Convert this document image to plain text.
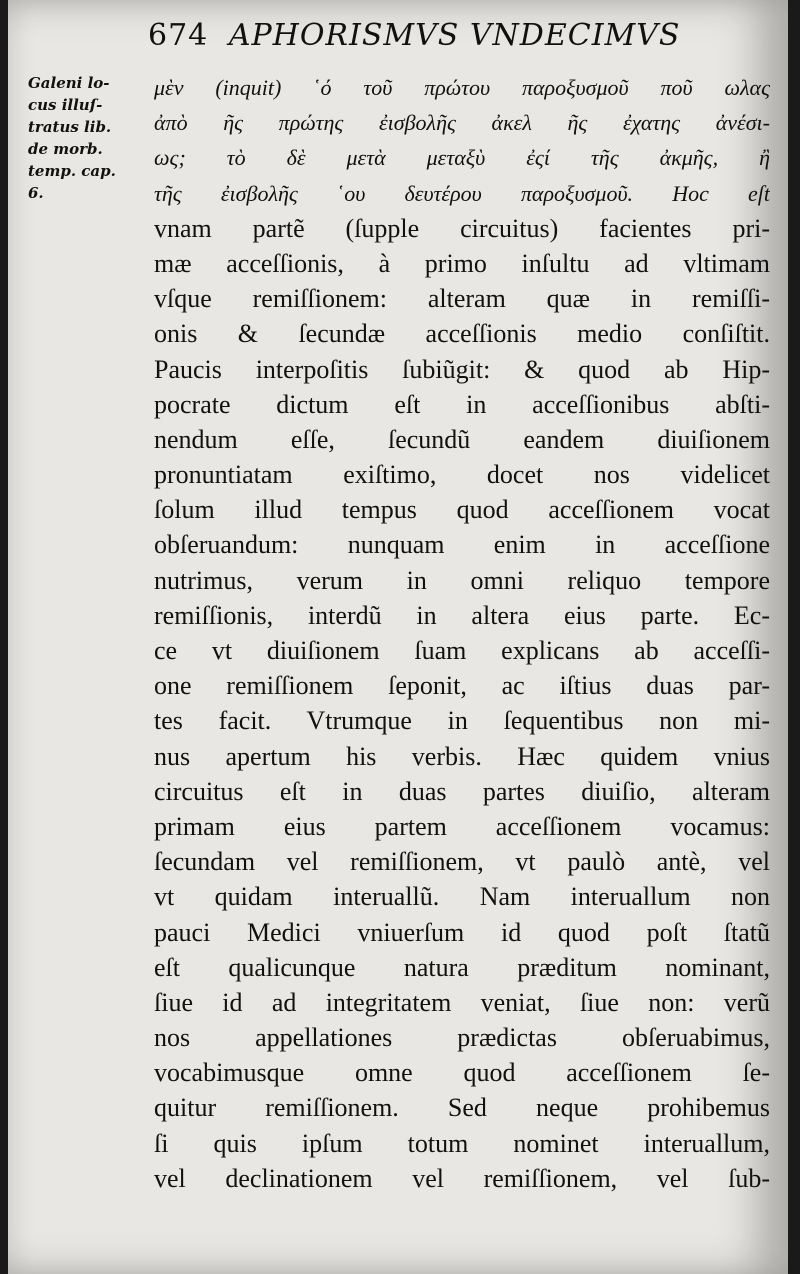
674 APHORISMVS VNDECIMVS
Galeni lo-
cus illuſ-
tratus lib.
de morb.
temp. cap.
6.
μὲν (inquit) ῾ό τοῦ πρώτου παροξυσμοῦ ποῦ ωλας
ἀπὸ ῆς πρώτης ἐισβολῆς ἀκελ ῆς ἐχατης ἀνέσι-
ως; τὸ δὲ μετὰ μεταξὺ ἐςί τῆς ἀκμῆς, ἢ
τῆς ἐισβολῆς ῾ου δευτέρου παροξυσμοῦ. Hoc eſt
vnam partẽ (ſupple circuitus) facientes pri-
mæ acceſſionis, à primo inſultu ad vltimam
vſque remiſſionem: alteram quæ in remiſſi-
onis & ſecundæ acceſſionis medio conſiſtit.
Paucis interpoſitis ſubiũgit: & quod ab Hip-
pocrate dictum eſt in acceſſionibus abſti-
nendum eſſe, ſecundũ eandem diuiſionem
pronuntiatam exiſtimo, docet nos videlicet
ſolum illud tempus quod acceſſionem vocat
obſeruandum: nunquam enim in acceſſione
nutrimus, verum in omni reliquo tempore
remiſſionis, interdũ in altera eius parte. Ec-
ce vt diuiſionem ſuam explicans ab acceſſi-
one remiſſionem ſeponit, ac iſtius duas par-
tes facit. Vtrumque in ſequentibus non mi-
nus apertum his verbis. Hæc quidem vnius
circuitus eſt in duas partes diuiſio, alteram
primam eius partem acceſſionem vocamus:
ſecundam vel remiſſionem, vt paulò antè, vel
vt quidam interuallũ. Nam interuallum non
pauci Medici vniuerſum id quod poſt ſtatũ
eſt qualicunque natura præditum nominant,
ſiue id ad integritatem veniat, ſiue non: verũ
nos appellationes prædictas obſeruabimus,
vocabimusque omne quod acceſſionem ſe-
quitur remiſſionem. Sed neque prohibemus
ſi quis ipſum totum nominet interuallum,
vel declinationem vel remiſſionem, vel ſub-
